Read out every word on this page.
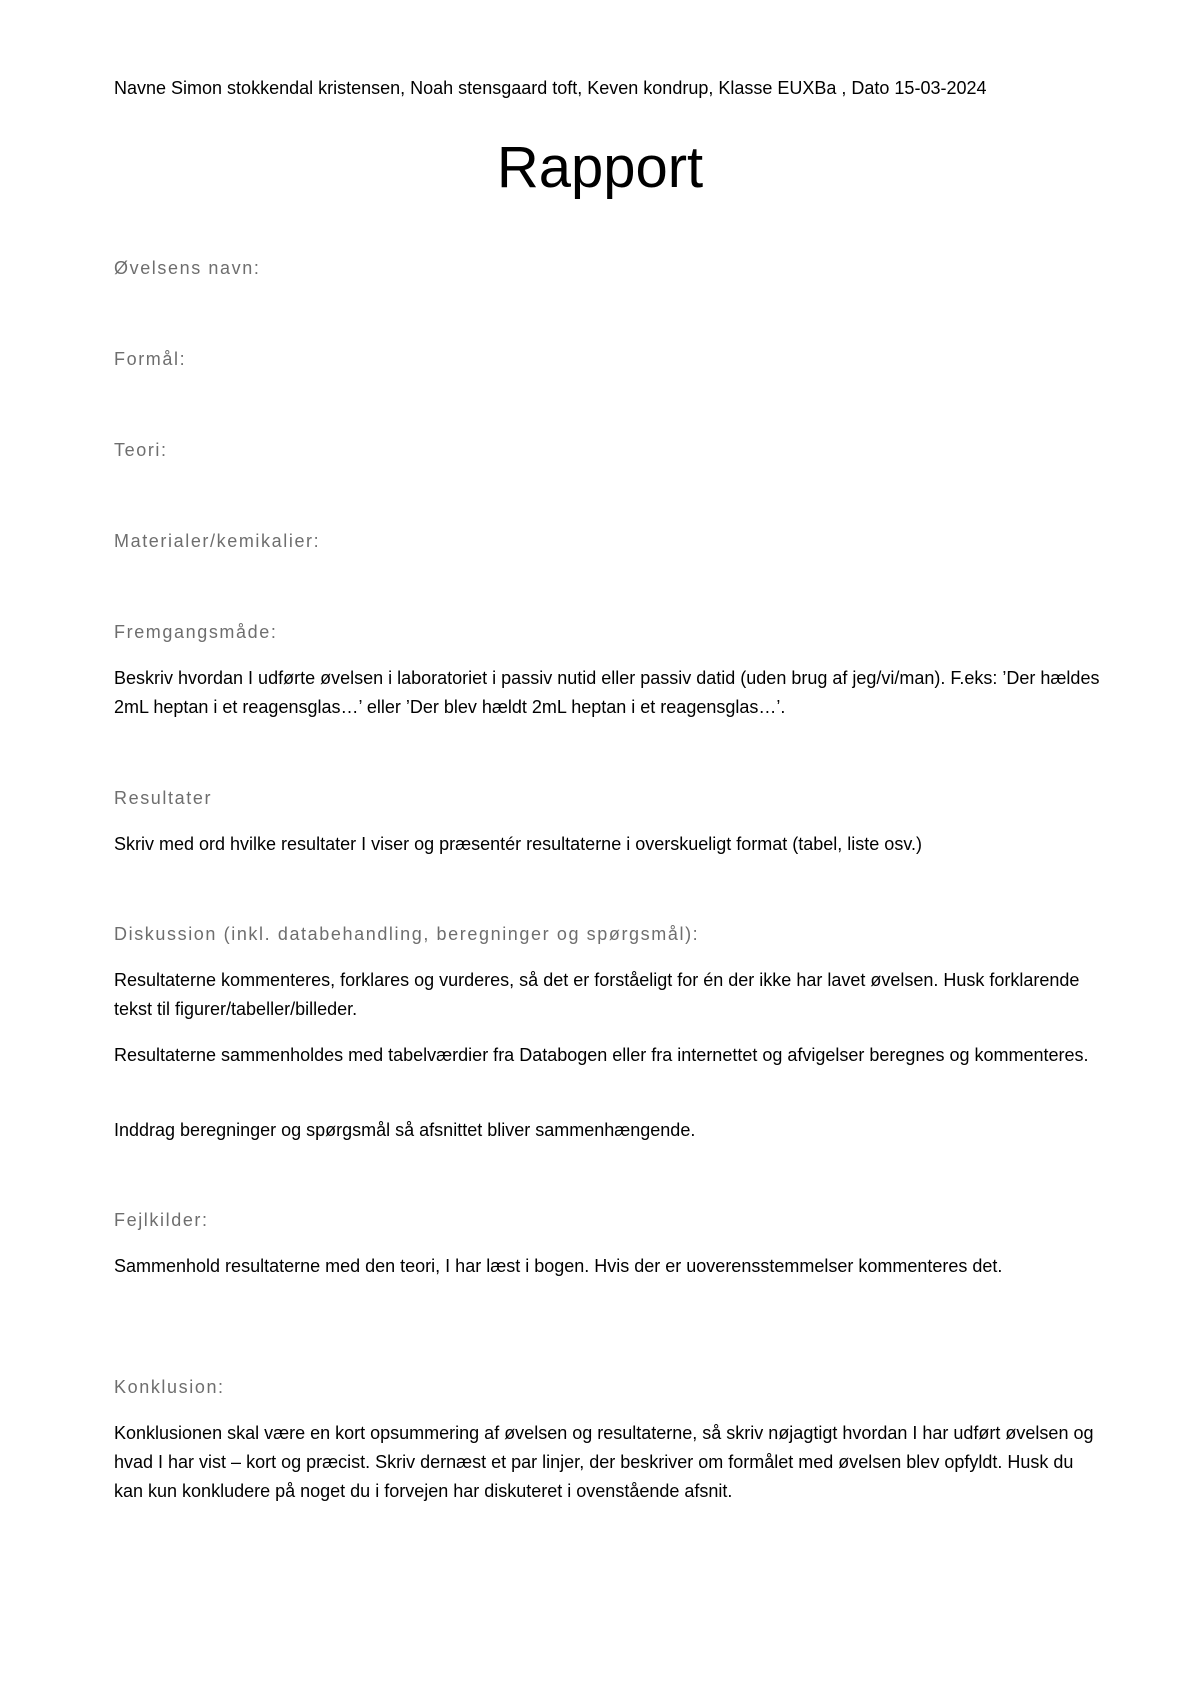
Navne Simon stokkendal kristensen, Noah stensgaard toft, Keven kondrup, Klasse EUXBa , Dato 15-03-2024
Rapport
Øvelsens navn:
Formål:
Teori:
Materialer/kemikalier:
Fremgangsmåde:
Beskriv hvordan I udførte øvelsen i laboratoriet i passiv nutid eller passiv datid (uden brug af jeg/vi/man). F.eks: ’Der hældes 2mL heptan i et reagensglas…’ eller ’Der blev hældt 2mL heptan i et reagensglas…’.
Resultater
Skriv med ord hvilke resultater I viser og præsentér resultaterne i overskueligt format (tabel, liste osv.)
Diskussion (inkl. databehandling, beregninger og spørgsmål):
Resultaterne kommenteres, forklares og vurderes, så det er forståeligt for én der ikke har lavet øvelsen. Husk forklarende tekst til figurer/tabeller/billeder.
Resultaterne sammenholdes med tabelværdier fra Databogen eller fra internettet og afvigelser beregnes og kommenteres.
Inddrag beregninger og spørgsmål så afsnittet bliver sammenhængende.
Fejlkilder:
Sammenhold resultaterne med den teori, I har læst i bogen. Hvis der er uoverensstemmelser kommenteres det.
Konklusion:
Konklusionen skal være en kort opsummering af øvelsen og resultaterne, så skriv nøjagtigt hvordan I har udført øvelsen og hvad I har vist – kort og præcist. Skriv dernæst et par linjer, der beskriver om formålet med øvelsen blev opfyldt. Husk du kan kun konkludere på noget du i forvejen har diskuteret i ovenstående afsnit.
